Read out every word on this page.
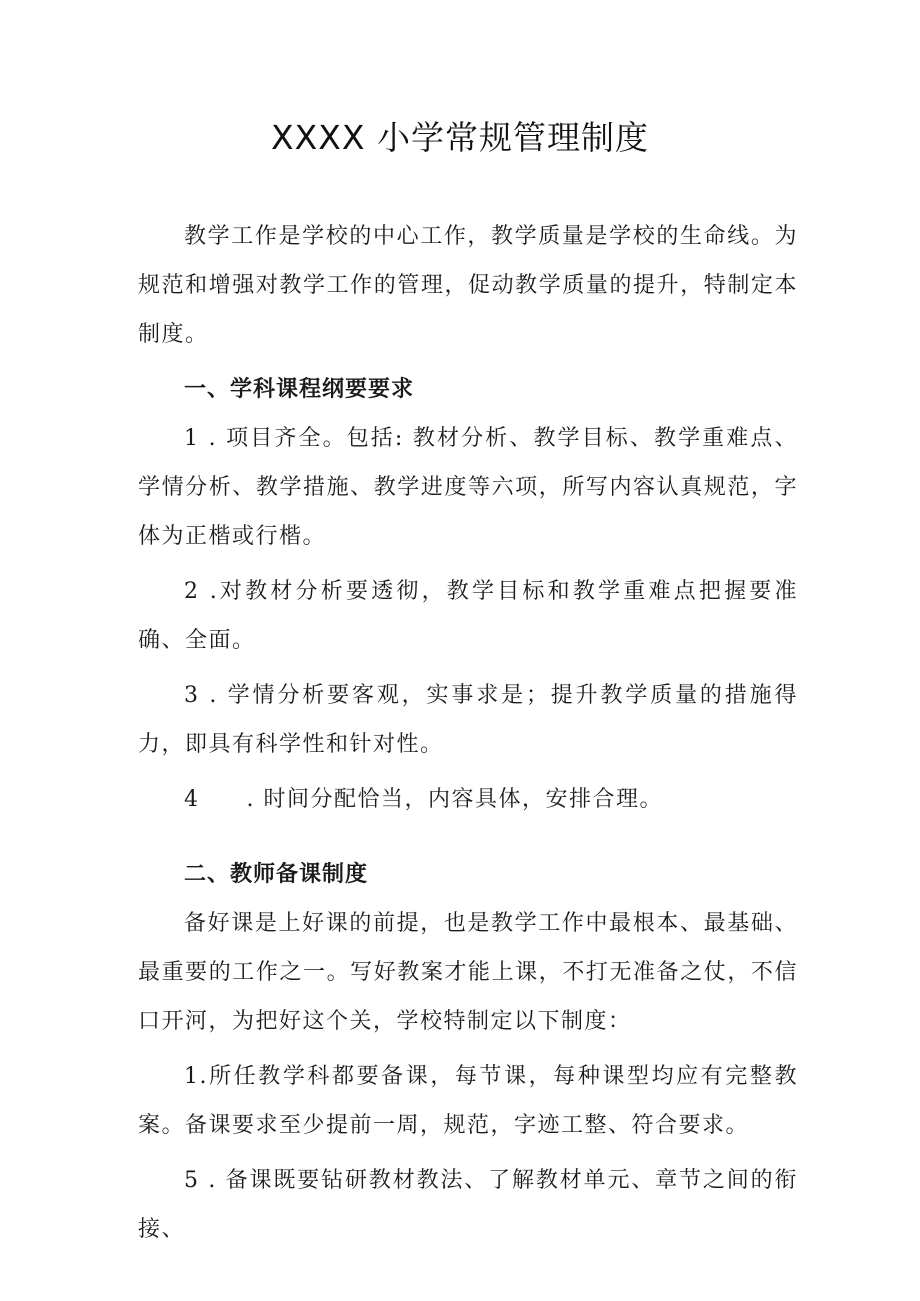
XXXX 小学常规管理制度

教学工作是学校的中心工作，教学质量是学校的生命线。为规范和增强对教学工作的管理，促动教学质量的提升，特制定本制度。

一、学科课程纲要要求

1 . 项目齐全。包括: 教材分析、教学目标、教学重难点、学情分析、教学措施、教学进度等六项，所写内容认真规范，字体为正楷或行楷。

2 .对教材分析要透彻，教学目标和教学重难点把握要准确、全面。

3 . 学情分析要客观，实事求是；提升教学质量的措施得力，即具有科学性和针对性。

4　　. 时间分配恰当，内容具体，安排合理。

二、教师备课制度

备好课是上好课的前提，也是教学工作中最根本、最基础、最重要的工作之一。写好教案才能上课，不打无准备之仗，不信口开河，为把好这个关，学校特制定以下制度：

1.所任教学科都要备课，每节课，每种课型均应有完整教案。备课要求至少提前一周，规范，字迹工整、符合要求。

5 . 备课既要钻研教材教法、了解教材单元、章节之间的衔接、
